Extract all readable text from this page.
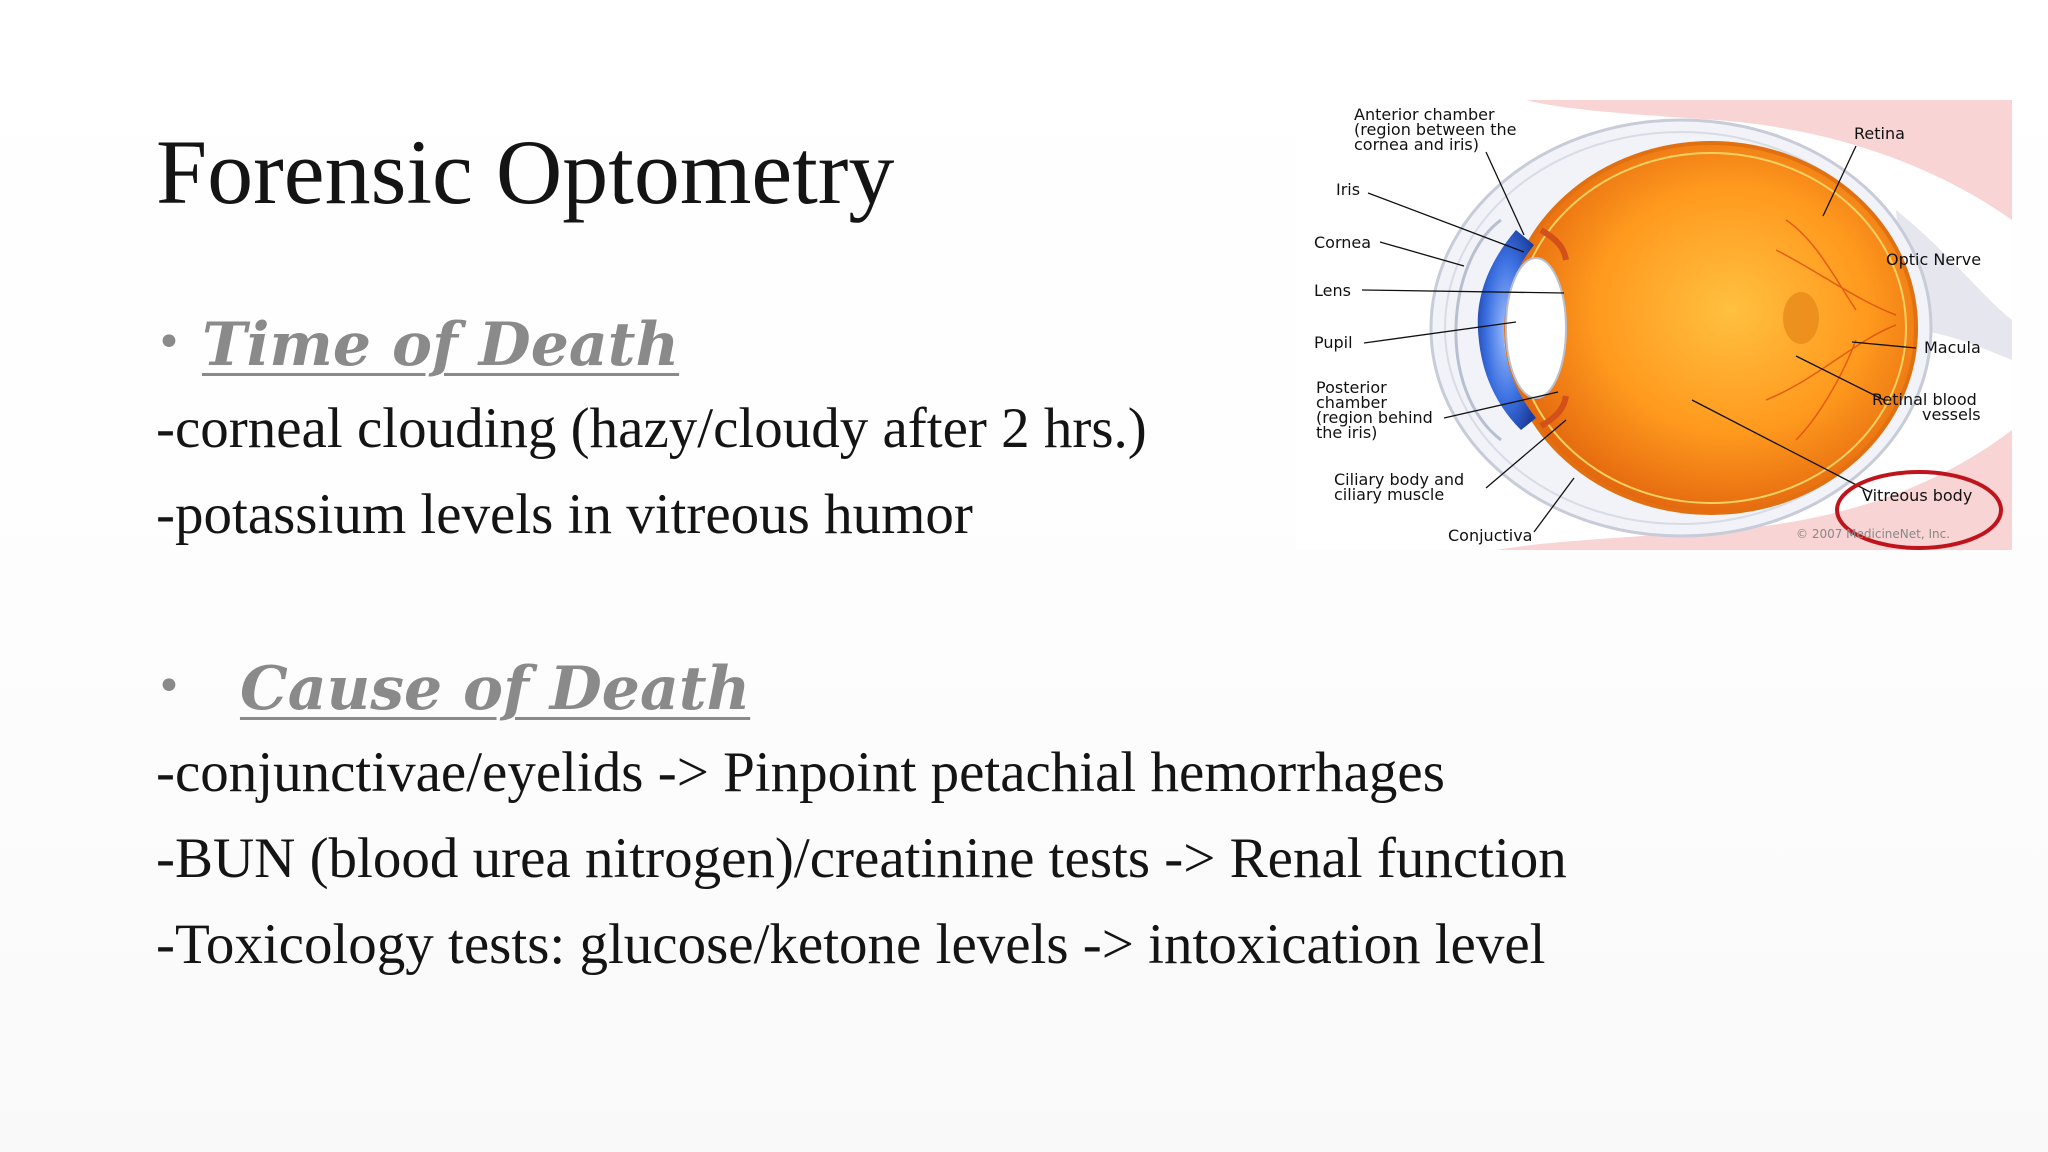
Forensic Optometry
• Time of Death
-corneal clouding (hazy/cloudy after 2 hrs.)
-potassium levels in vitreous humor
• Cause of Death
-conjunctivae/eyelids -> Pinpoint petachial hemorrhages
-BUN (blood urea nitrogen)/creatinine tests -> Renal function
-Toxicology tests: glucose/ketone levels -> intoxication level
Anterior chamber
(region between the
cornea and iris)
Iris
Cornea
Lens
Pupil
Posterior
chamber
(region behind
the iris)
Ciliary body and
ciliary muscle
Conjuctiva
Retina
Optic Nerve
Macula
Retinal blood
vessels
Vitreous body
© 2007 MedicineNet, Inc.
